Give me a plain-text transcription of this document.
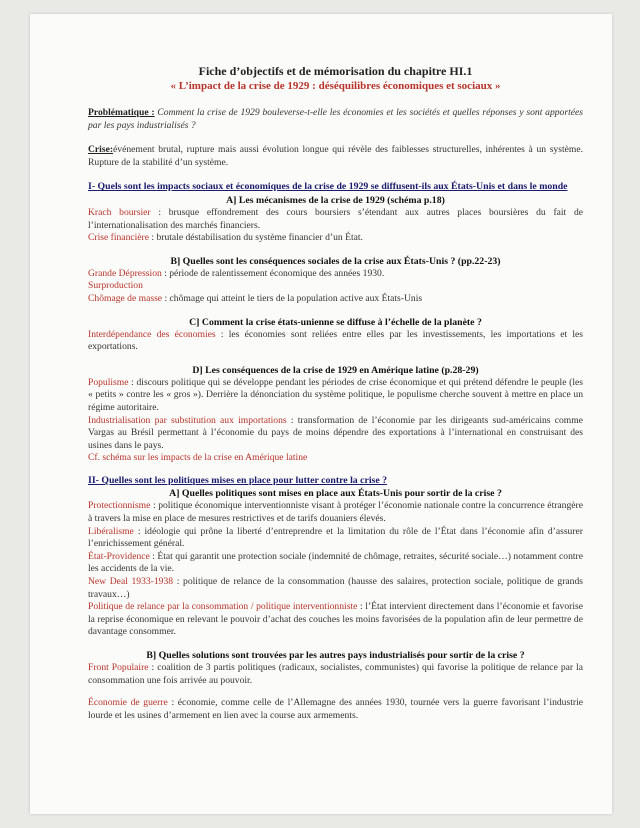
Fiche d’objectifs et de mémorisation du chapitre HI.1
« L’impact de la crise de 1929 : déséquilibres économiques et sociaux »

Problématique : Comment la crise de 1929 bouleverse-t-elle les économies et les sociétés et quelles réponses y sont apportées par les pays industrialisés ?

Crise:événement brutal, rupture mais aussi évolution longue qui révèle des faiblesses structurelles, inhérentes à un système. Rupture de la stabilité d’un système.

I- Quels sont les impacts sociaux et économiques de la crise de 1929 se diffusent-ils aux États-Unis et dans le monde

A] Les mécanismes de la crise de 1929 (schéma p.18)

Krach boursier : brusque effondrement des cours boursiers s’étendant aux autres places boursières du fait de l’internationalisation des marchés financiers.

Crise financière : brutale déstabilisation du système financier d’un État.

B] Quelles sont les conséquences sociales de la crise aux États-Unis ? (pp.22-23)

Grande Dépression : période de ralentissement économique des années 1930.

Surproduction

Chômage de masse : chômage qui atteint le tiers de la population active aux États-Unis

C] Comment la crise états-unienne se diffuse à l’échelle de la planète ?

Interdépendance des économies : les économies sont reliées entre elles par les investissements, les importations et les exportations.

D] Les conséquences de la crise de 1929 en Amérique latine (p.28-29)

Populisme : discours politique qui se développe pendant les périodes de crise économique et qui prétend défendre le peuple (les « petits » contre les « gros »). Derrière la dénonciation du système politique, le populisme cherche souvent à mettre en place un régime autoritaire.

Industrialisation par substitution aux importations : transformation de l’économie par les dirigeants sud-américains comme Vargas au Brésil permettant à l’économie du pays de moins dépendre des exportations à l’international en construisant des usines dans le pays.

Cf. schéma sur les impacts de la crise en Amérique latine

II- Quelles sont les politiques mises en place pour lutter contre la crise ?

A] Quelles politiques sont mises en place aux États-Unis pour sortir de la crise ?

Protectionnisme : politique économique interventionniste visant à protéger l’économie nationale contre la concurrence étrangère à travers la mise en place de mesures restrictives et de tarifs douaniers élevés.

Libéralisme : idéologie qui prône la liberté d’entreprendre et la limitation du rôle de l’État dans l’économie afin d’assurer l’enrichissement général.

État-Providence : État qui garantit une protection sociale (indemnité de chômage, retraites, sécurité sociale…) notamment contre les accidents de la vie.

New Deal 1933-1938 : politique de relance de la consommation (hausse des salaires, protection sociale, politique de grands travaux…)

Politique de relance par la consommation / politique interventionniste : l’État intervient directement dans l’économie et favorise la reprise économique en relevant le pouvoir d’achat des couches les moins favorisées de la population afin de leur permettre de davantage consommer.

B] Quelles solutions sont trouvées par les autres pays industrialisés pour sortir de la crise ?

Front Populaire : coalition de 3 partis politiques (radicaux, socialistes, communistes) qui favorise la politique de relance par la consommation une fois arrivée au pouvoir.

Économie de guerre : économie, comme celle de l’Allemagne des années 1930, tournée vers la guerre favorisant l’industrie lourde et les usines d’armement en lien avec la course aux armements.
